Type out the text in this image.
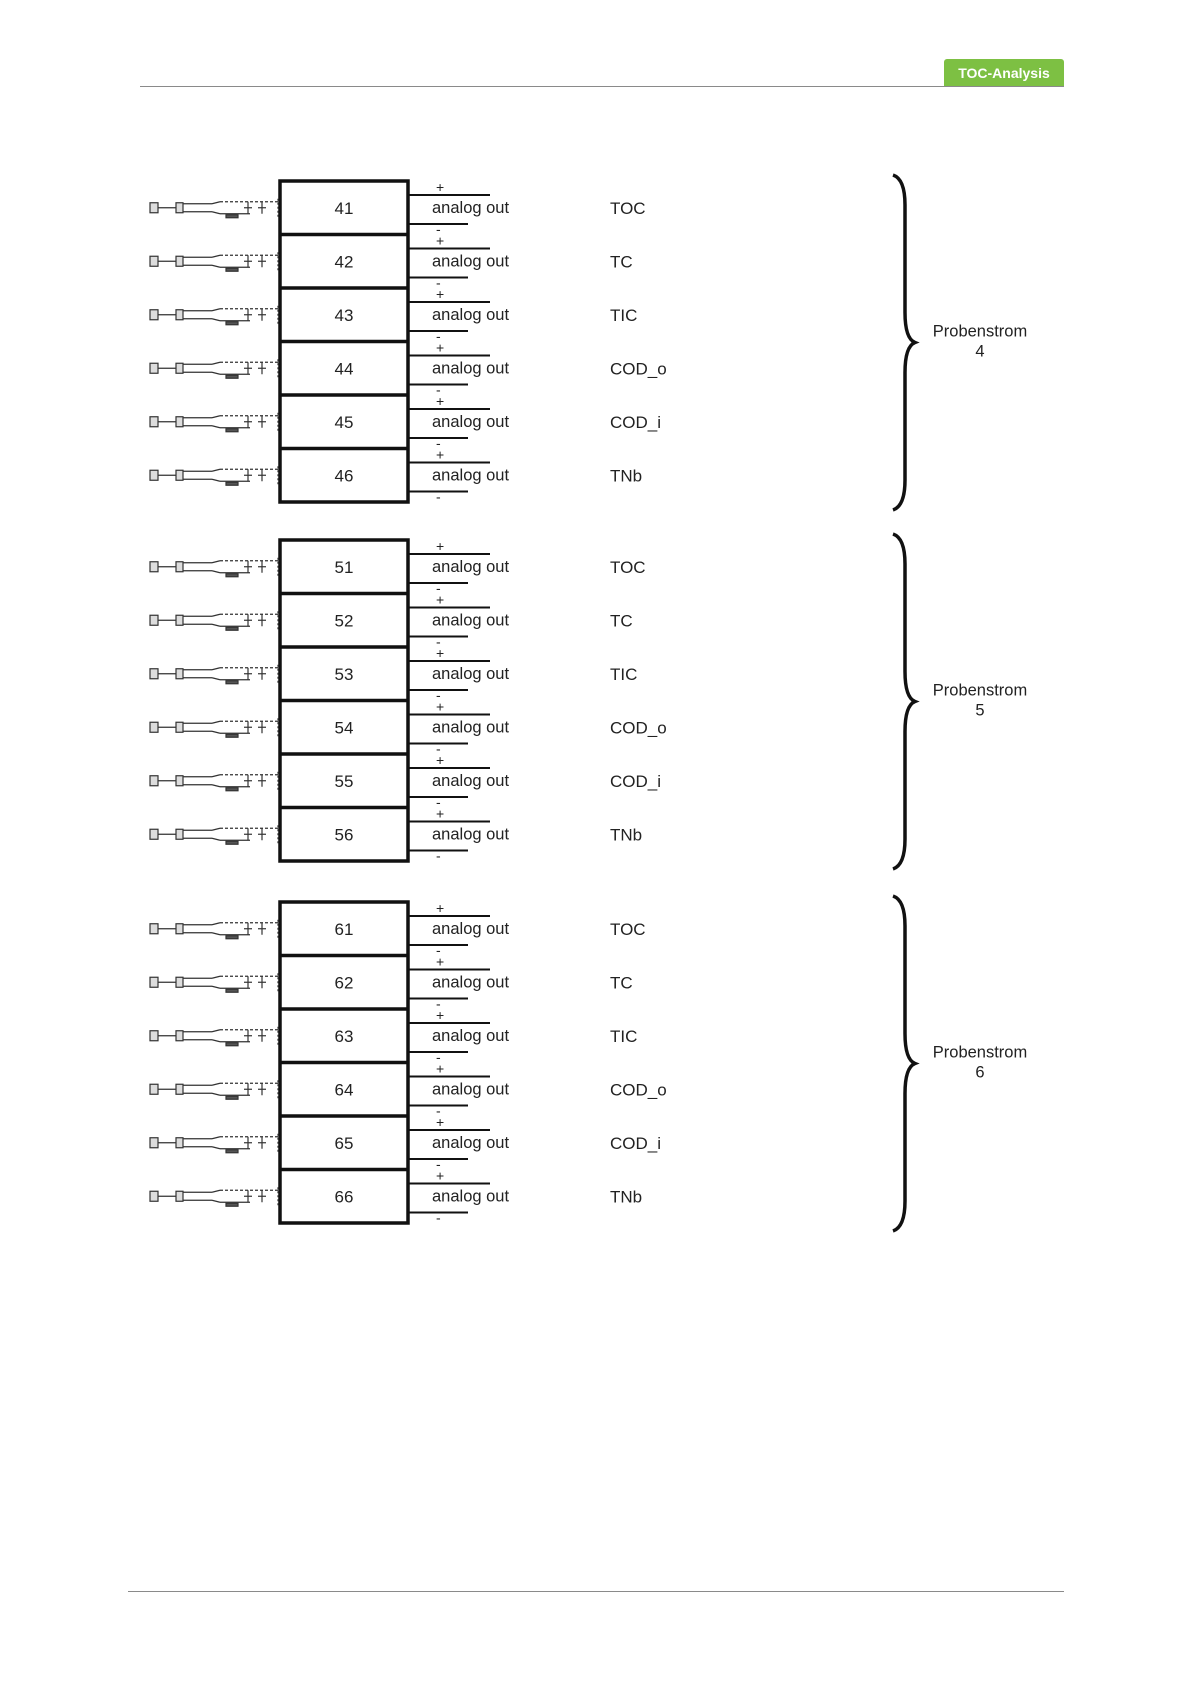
TOC-Analysis
41
+
analog out
-
TOC
42
+
analog out
-
TC
43
+
analog out
-
TIC
44
+
analog out
-
COD_o
45
+
analog out
-
COD_i
46
+
analog out
-
TNb
Probenstrom
4
51
+
analog out
-
TOC
52
+
analog out
-
TC
53
+
analog out
-
TIC
54
+
analog out
-
COD_o
55
+
analog out
-
COD_i
56
+
analog out
-
TNb
Probenstrom
5
61
+
analog out
-
TOC
62
+
analog out
-
TC
63
+
analog out
-
TIC
64
+
analog out
-
COD_o
65
+
analog out
-
COD_i
66
+
analog out
-
TNb
Probenstrom
6
